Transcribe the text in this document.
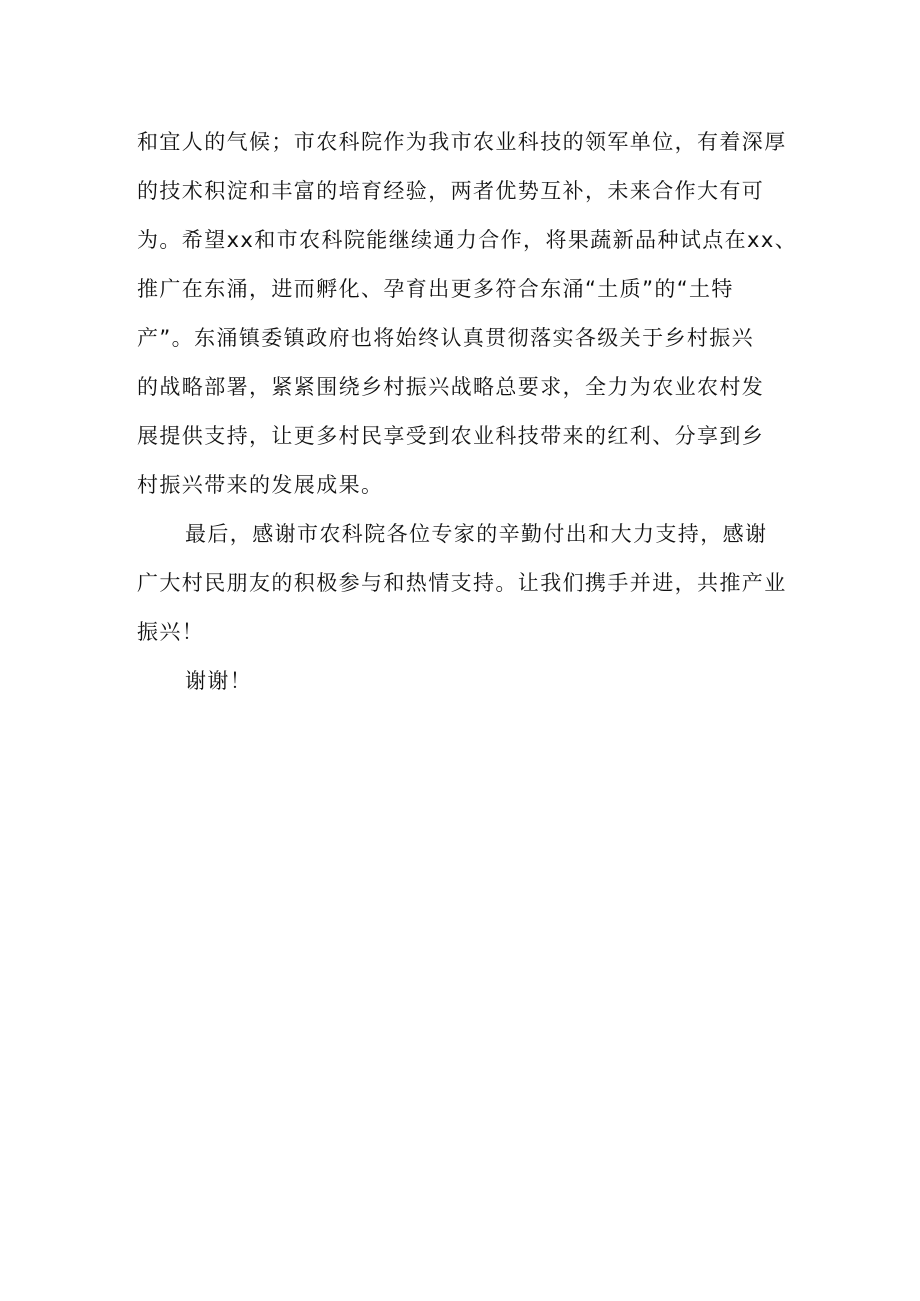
和宜人的气候；市农科院作为我市农业科技的领军单位，有着深厚
的技术积淀和丰富的培育经验，两者优势互补，未来合作大有可
为。希望xx和市农科院能继续通力合作，将果蔬新品种试点在xx、
推广在东涌，进而孵化、孕育出更多符合东涌“土质”的“土特
产”。东涌镇委镇政府也将始终认真贯彻落实各级关于乡村振兴
的战略部署，紧紧围绕乡村振兴战略总要求，全力为农业农村发
展提供支持，让更多村民享受到农业科技带来的红利、分享到乡
村振兴带来的发展成果。
最后，感谢市农科院各位专家的辛勤付出和大力支持，感谢
广大村民朋友的积极参与和热情支持。让我们携手并进，共推产业
振兴！
谢谢！
